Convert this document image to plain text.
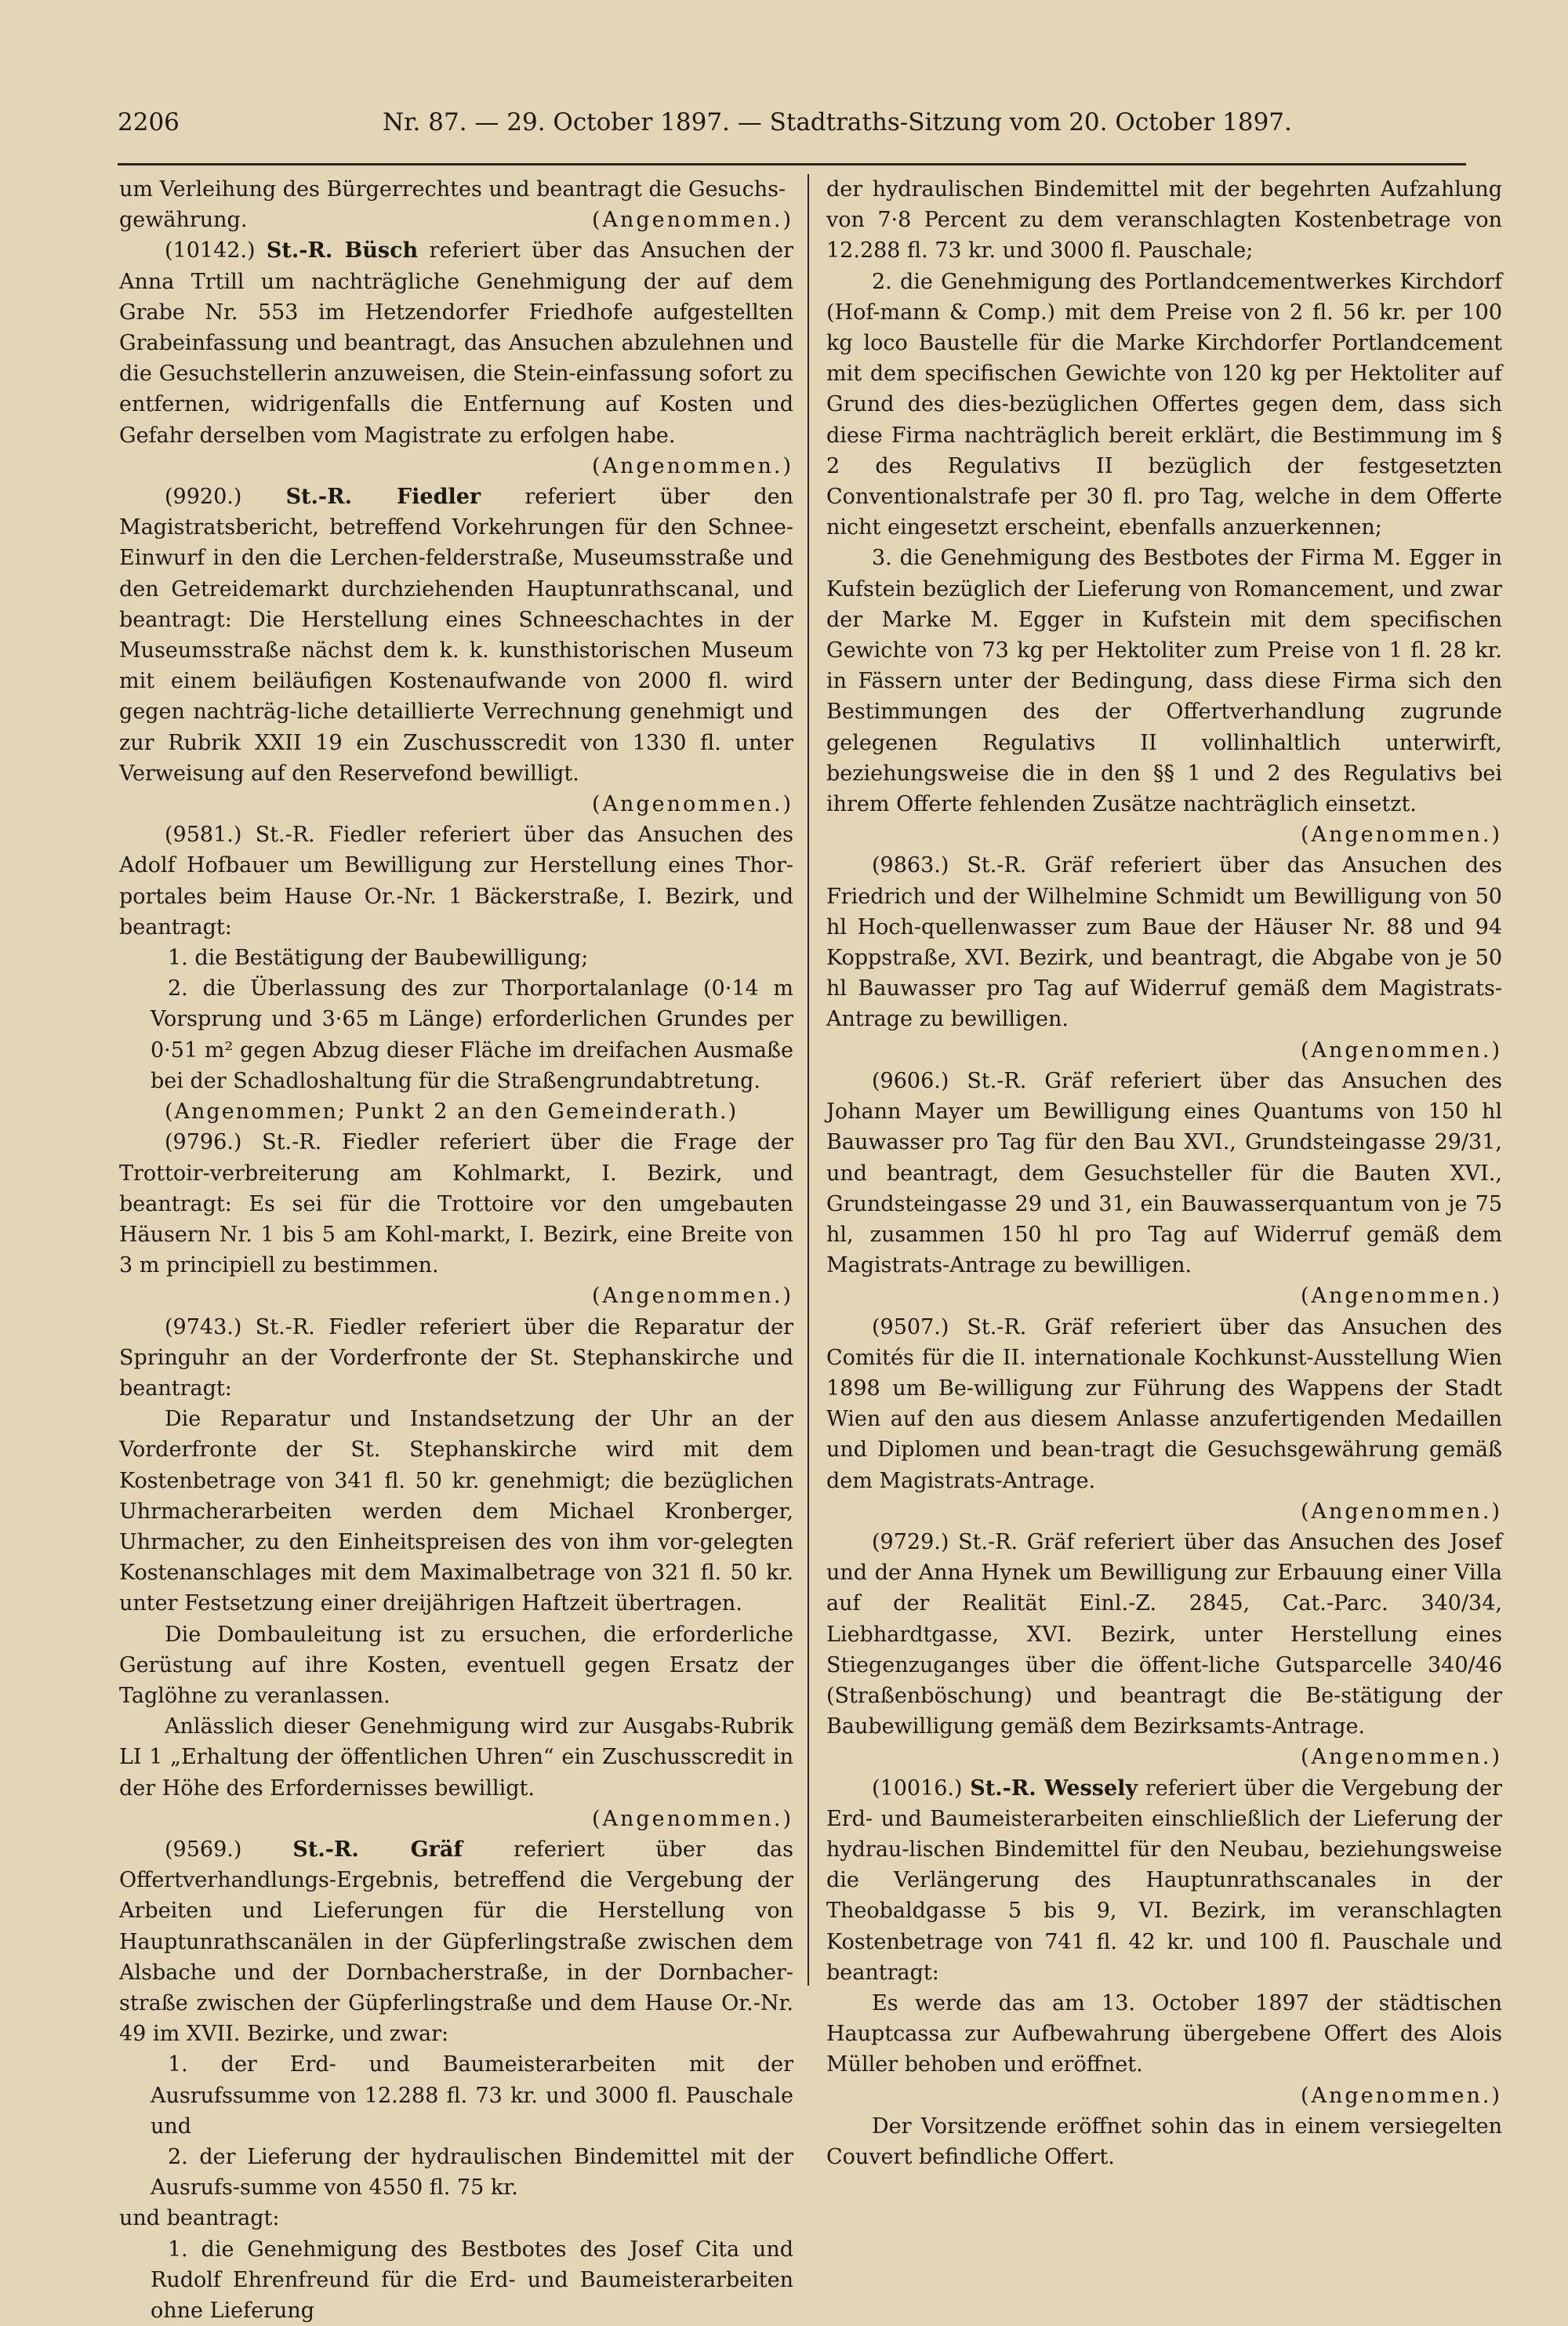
2206	Nr. 87. — 29. October 1897. — Stadtraths-Sitzung vom 20. October 1897.

um Verleihung des Bürgerrechtes und beantragt die Gesuchs-

gewährung.	(Angenommen.)

(10142.) St.-R. Büsch referiert über das Ansuchen der Anna Trtill um nachträgliche Genehmigung der auf dem Grabe Nr. 553 im Hetzendorfer Friedhofe aufgestellten Grabeinfassung und beantragt, das Ansuchen abzulehnen und die Gesuchstellerin anzuweisen, die Stein-einfassung sofort zu entfernen, widrigenfalls die Entfernung auf Kosten und Gefahr derselben vom Magistrate zu erfolgen habe.

(Angenommen.)

(9920.) St.-R. Fiedler referiert über den Magistratsbericht, betreffend Vorkehrungen für den Schnee-Einwurf in den die Lerchen-felderstraße, Museumsstraße und den Getreidemarkt durchziehenden Hauptunrathscanal, und beantragt: Die Herstellung eines Schneeschachtes in der Museumsstraße nächst dem k. k. kunsthistorischen Museum mit einem beiläufigen Kostenaufwande von 2000 fl. wird gegen nachträg-liche detaillierte Verrechnung genehmigt und zur Rubrik XXII 19 ein Zuschusscredit von 1330 fl. unter Verweisung auf den Reservefond bewilligt.

(Angenommen.)

(9581.) St.-R. Fiedler referiert über das Ansuchen des Adolf Hofbauer um Bewilligung zur Herstellung eines Thor-portales beim Hause Or.-Nr. 1 Bäckerstraße, I. Bezirk, und beantragt:

1. die Bestätigung der Baubewilligung;

2. die Überlassung des zur Thorportalanlage (0·14 m Vorsprung und 3·65 m Länge) erforderlichen Grundes per 0·51 m² gegen Abzug dieser Fläche im dreifachen Ausmaße bei der Schadloshaltung für die Straßengrundabtretung.

(Angenommen; Punkt 2 an den Gemeinderath.)

(9796.) St.-R. Fiedler referiert über die Frage der Trottoir-verbreiterung am Kohlmarkt, I. Bezirk, und beantragt: Es sei für die Trottoire vor den umgebauten Häusern Nr. 1 bis 5 am Kohl-markt, I. Bezirk, eine Breite von 3 m principiell zu bestimmen.

(Angenommen.)

(9743.) St.-R. Fiedler referiert über die Reparatur der Springuhr an der Vorderfronte der St. Stephanskirche und beantragt:

Die Reparatur und Instandsetzung der Uhr an der Vorderfronte der St. Stephanskirche wird mit dem Kostenbetrage von 341 fl. 50 kr. genehmigt; die bezüglichen Uhrmacherarbeiten werden dem Michael Kronberger, Uhrmacher, zu den Einheitspreisen des von ihm vor-gelegten Kostenanschlages mit dem Maximalbetrage von 321 fl. 50 kr. unter Festsetzung einer dreijährigen Haftzeit übertragen.

Die Dombauleitung ist zu ersuchen, die erforderliche Gerüstung auf ihre Kosten, eventuell gegen Ersatz der Taglöhne zu veranlassen.

Anlässlich dieser Genehmigung wird zur Ausgabs-Rubrik LI 1 „Erhaltung der öffentlichen Uhren“ ein Zuschusscredit in der Höhe des Erfordernisses bewilligt.

(Angenommen.)

(9569.) St.-R. Gräf referiert über das Offertverhandlungs-Ergebnis, betreffend die Vergebung der Arbeiten und Lieferungen für die Herstellung von Hauptunrathscanälen in der Güpferlingstraße zwischen dem Alsbache und der Dornbacherstraße, in der Dornbacher-straße zwischen der Güpferlingstraße und dem Hause Or.-Nr. 49 im XVII. Bezirke, und zwar:

1. der Erd- und Baumeisterarbeiten mit der Ausrufssumme von 12.288 fl. 73 kr. und 3000 fl. Pauschale und

2. der Lieferung der hydraulischen Bindemittel mit der Ausrufs-summe von 4550 fl. 75 kr.

und beantragt:

1. die Genehmigung des Bestbotes des Josef Cita und Rudolf Ehrenfreund für die Erd- und Baumeisterarbeiten ohne Lieferung

der hydraulischen Bindemittel mit der begehrten Aufzahlung von 7·8 Percent zu dem veranschlagten Kostenbetrage von 12.288 fl. 73 kr. und 3000 fl. Pauschale;

2. die Genehmigung des Portlandcementwerkes Kirchdorf (Hof-mann & Comp.) mit dem Preise von 2 fl. 56 kr. per 100 kg loco Baustelle für die Marke Kirchdorfer Portlandcement mit dem specifischen Gewichte von 120 kg per Hektoliter auf Grund des dies-bezüglichen Offertes gegen dem, dass sich diese Firma nachträglich bereit erklärt, die Bestimmung im § 2 des Regulativs II bezüglich der festgesetzten Conventionalstrafe per 30 fl. pro Tag, welche in dem Offerte nicht eingesetzt erscheint, ebenfalls anzuerkennen;

3. die Genehmigung des Bestbotes der Firma M. Egger in Kufstein bezüglich der Lieferung von Romancement, und zwar der Marke M. Egger in Kufstein mit dem specifischen Gewichte von 73 kg per Hektoliter zum Preise von 1 fl. 28 kr. in Fässern unter der Bedingung, dass diese Firma sich den Bestimmungen des der Offertverhandlung zugrunde gelegenen Regulativs II vollinhaltlich unterwirft, beziehungsweise die in den §§ 1 und 2 des Regulativs bei ihrem Offerte fehlenden Zusätze nachträglich einsetzt.

(Angenommen.)

(9863.) St.-R. Gräf referiert über das Ansuchen des Friedrich und der Wilhelmine Schmidt um Bewilligung von 50 hl Hoch-quellenwasser zum Baue der Häuser Nr. 88 und 94 Koppstraße, XVI. Bezirk, und beantragt, die Abgabe von je 50 hl Bauwasser pro Tag auf Widerruf gemäß dem Magistrats-Antrage zu bewilligen.

(Angenommen.)

(9606.) St.-R. Gräf referiert über das Ansuchen des Johann Mayer um Bewilligung eines Quantums von 150 hl Bauwasser pro Tag für den Bau XVI., Grundsteingasse 29/31, und beantragt, dem Gesuchsteller für die Bauten XVI., Grundsteingasse 29 und 31, ein Bauwasserquantum von je 75 hl, zusammen 150 hl pro Tag auf Widerruf gemäß dem Magistrats-Antrage zu bewilligen.

(Angenommen.)

(9507.) St.-R. Gräf referiert über das Ansuchen des Comités für die II. internationale Kochkunst-Ausstellung Wien 1898 um Be-willigung zur Führung des Wappens der Stadt Wien auf den aus diesem Anlasse anzufertigenden Medaillen und Diplomen und bean-tragt die Gesuchsgewährung gemäß dem Magistrats-Antrage.

(Angenommen.)

(9729.) St.-R. Gräf referiert über das Ansuchen des Josef und der Anna Hynek um Bewilligung zur Erbauung einer Villa auf der Realität Einl.-Z. 2845, Cat.-Parc. 340/34, Liebhardtgasse, XVI. Bezirk, unter Herstellung eines Stiegenzuganges über die öffent-liche Gutsparcelle 340/46 (Straßenböschung) und beantragt die Be-stätigung der Baubewilligung gemäß dem Bezirksamts-Antrage.

(Angenommen.)

(10016.) St.-R. Wessely referiert über die Vergebung der Erd- und Baumeisterarbeiten einschließlich der Lieferung der hydrau-lischen Bindemittel für den Neubau, beziehungsweise die Verlängerung des Hauptunrathscanales in der Theobaldgasse 5 bis 9, VI. Bezirk, im veranschlagten Kostenbetrage von 741 fl. 42 kr. und 100 fl. Pauschale und beantragt:

Es werde das am 13. October 1897 der städtischen Hauptcassa zur Aufbewahrung übergebene Offert des Alois Müller behoben und eröffnet.

(Angenommen.)

Der Vorsitzende eröffnet sohin das in einem versiegelten Couvert befindliche Offert.
